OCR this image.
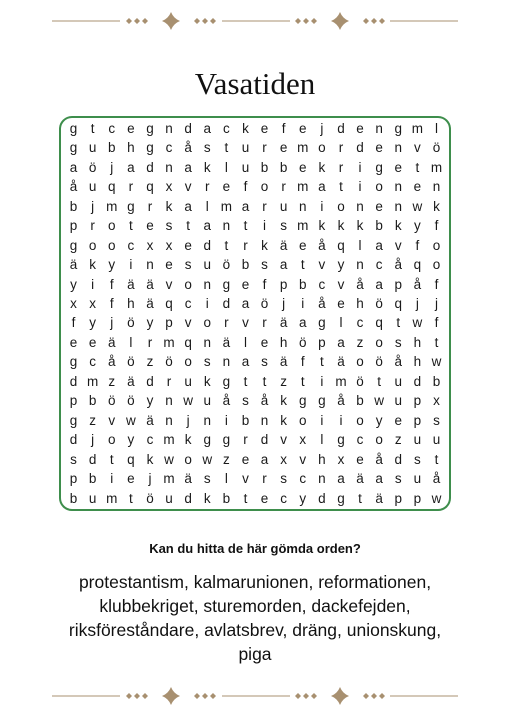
Vasatiden
g t	c e g n d a c k e f e	j	d e n g m l
g u b h g c å s	t u r e m o r d e n v ö
a ö	j	a d n a k	l	u b b e k r	i	g e t m
å u q r q x v r e f o r m a t	i	o n e n
b	j m g r k a	l m a r u n	i	o n e n w k
p r o t e s	t a n t	i	s m k k k b k y	f
g o o c x x e d t	r k ä e å q	l	a v	f o
ä k y	i	n e s u ö b s a t	v y n c å q o
y	i	f ä ä v o n g e f p b c v å a p å f
x x	f h ä q c	i	d a ö	j	i	å e h ö q	j	j
f	y	j	ö y p v o r v r ä a g	l	c q t w f
e e ä	l	r m q n ä	l	e h ö p a z o s h t
g c å ö z ö o s n a s ä f	t ä o ö å h w
d m z ä d r u k g t	t	z	t	i m ö t u d b
p b ö ö y n w u å s å k g g å b w u p x
g z v w ä n	j	n	i	b n k o	i	i	o y e p s
d	j	o y c m k g g r d v x	l	g c o z u u
s d t q k w o w z e a x v h x e å d s	t
p b	i	e	j m ä s	l	v r s c n a ä a s u å
b u m t ö u d k b t e c y d g t ä p p w
Kan du hitta de här gömda orden?
protestantism, kalmarunionen, reformationen, klubbekriget, sturemorden, dackefejden, riksföreståndare, avlatsbrev, dräng, unionskung, piga
